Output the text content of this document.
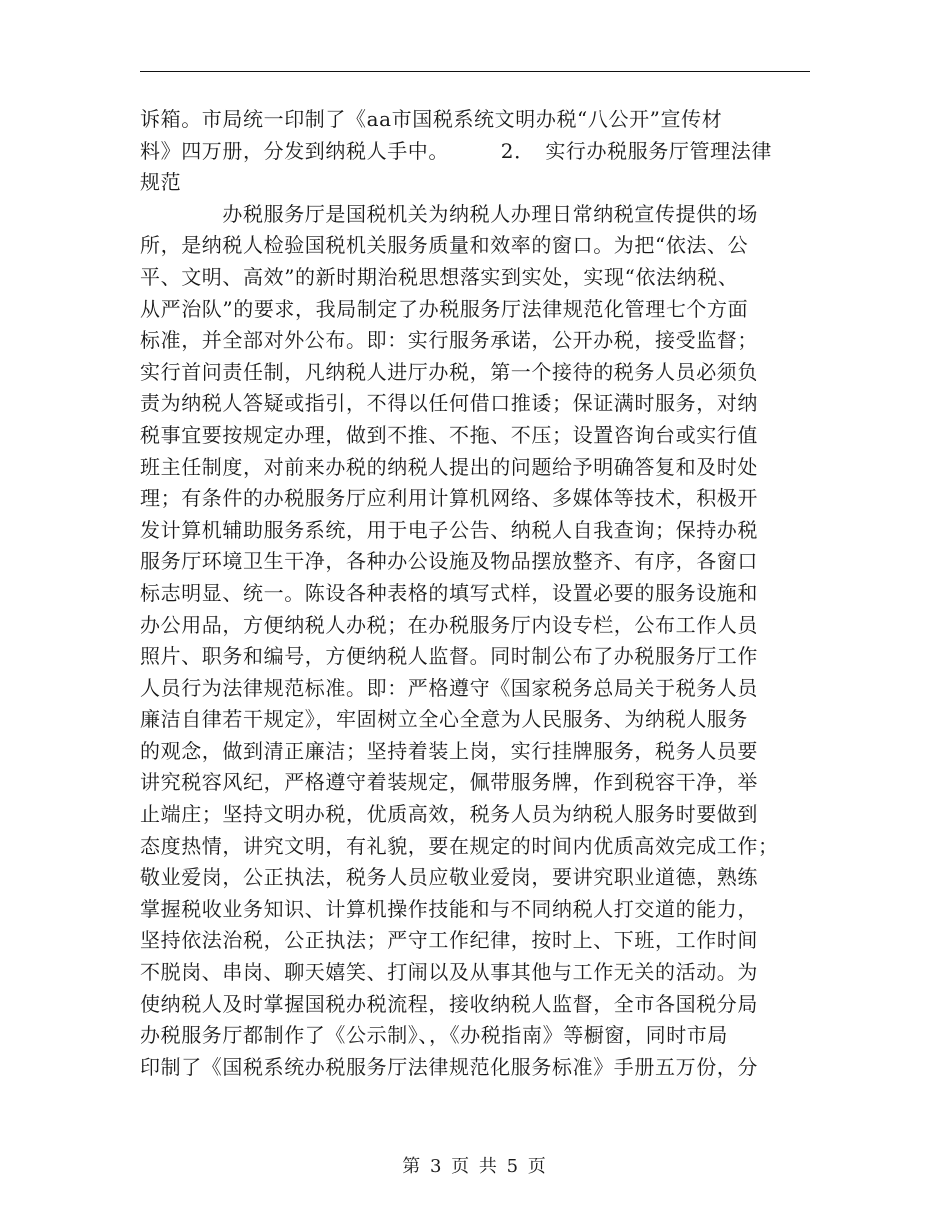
诉箱。市局统一印制了《aa市国税系统文明办税“八公开”宣传材
料》四万册，分发到纳税人手中。　　　2．　实行办税服务厅管理法律
规范
　　　　办税服务厅是国税机关为纳税人办理日常纳税宣传提供的场
所，是纳税人检验国税机关服务质量和效率的窗口。为把“依法、公
平、文明、高效”的新时期治税思想落实到实处，实现“依法纳税、
从严治队”的要求，我局制定了办税服务厅法律规范化管理七个方面
标准，并全部对外公布。即：实行服务承诺，公开办税，接受监督；
实行首问责任制，凡纳税人进厅办税，第一个接待的税务人员必须负
责为纳税人答疑或指引，不得以任何借口推诿；保证满时服务，对纳
税事宜要按规定办理，做到不推、不拖、不压；设置咨询台或实行值
班主任制度，对前来办税的纳税人提出的问题给予明确答复和及时处
理；有条件的办税服务厅应利用计算机网络、多媒体等技术，积极开
发计算机辅助服务系统，用于电子公告、纳税人自我查询；保持办税
服务厅环境卫生干净，各种办公设施及物品摆放整齐、有序，各窗口
标志明显、统一。陈设各种表格的填写式样，设置必要的服务设施和
办公用品，方便纳税人办税；在办税服务厅内设专栏，公布工作人员
照片、职务和编号，方便纳税人监督。同时制公布了办税服务厅工作
人员行为法律规范标准。即：严格遵守《国家税务总局关于税务人员
廉洁自律若干规定》，牢固树立全心全意为人民服务、为纳税人服务
的观念，做到清正廉洁；坚持着装上岗，实行挂牌服务，税务人员要
讲究税容风纪，严格遵守着装规定，佩带服务牌，作到税容干净，举
止端庄；坚持文明办税，优质高效，税务人员为纳税人服务时要做到
态度热情，讲究文明，有礼貌，要在规定的时间内优质高效完成工作；
敬业爱岗，公正执法，税务人员应敬业爱岗，要讲究职业道德，熟练
掌握税收业务知识、计算机操作技能和与不同纳税人打交道的能力，
坚持依法治税，公正执法；严守工作纪律，按时上、下班，工作时间
不脱岗、串岗、聊天嬉笑、打闹以及从事其他与工作无关的活动。为
使纳税人及时掌握国税办税流程，接收纳税人监督，全市各国税分局
办税服务厅都制作了《公示制》、，《办税指南》等橱窗，同时市局
印制了《国税系统办税服务厅法律规范化服务标准》手册五万份，分
第 3 页 共 5 页
